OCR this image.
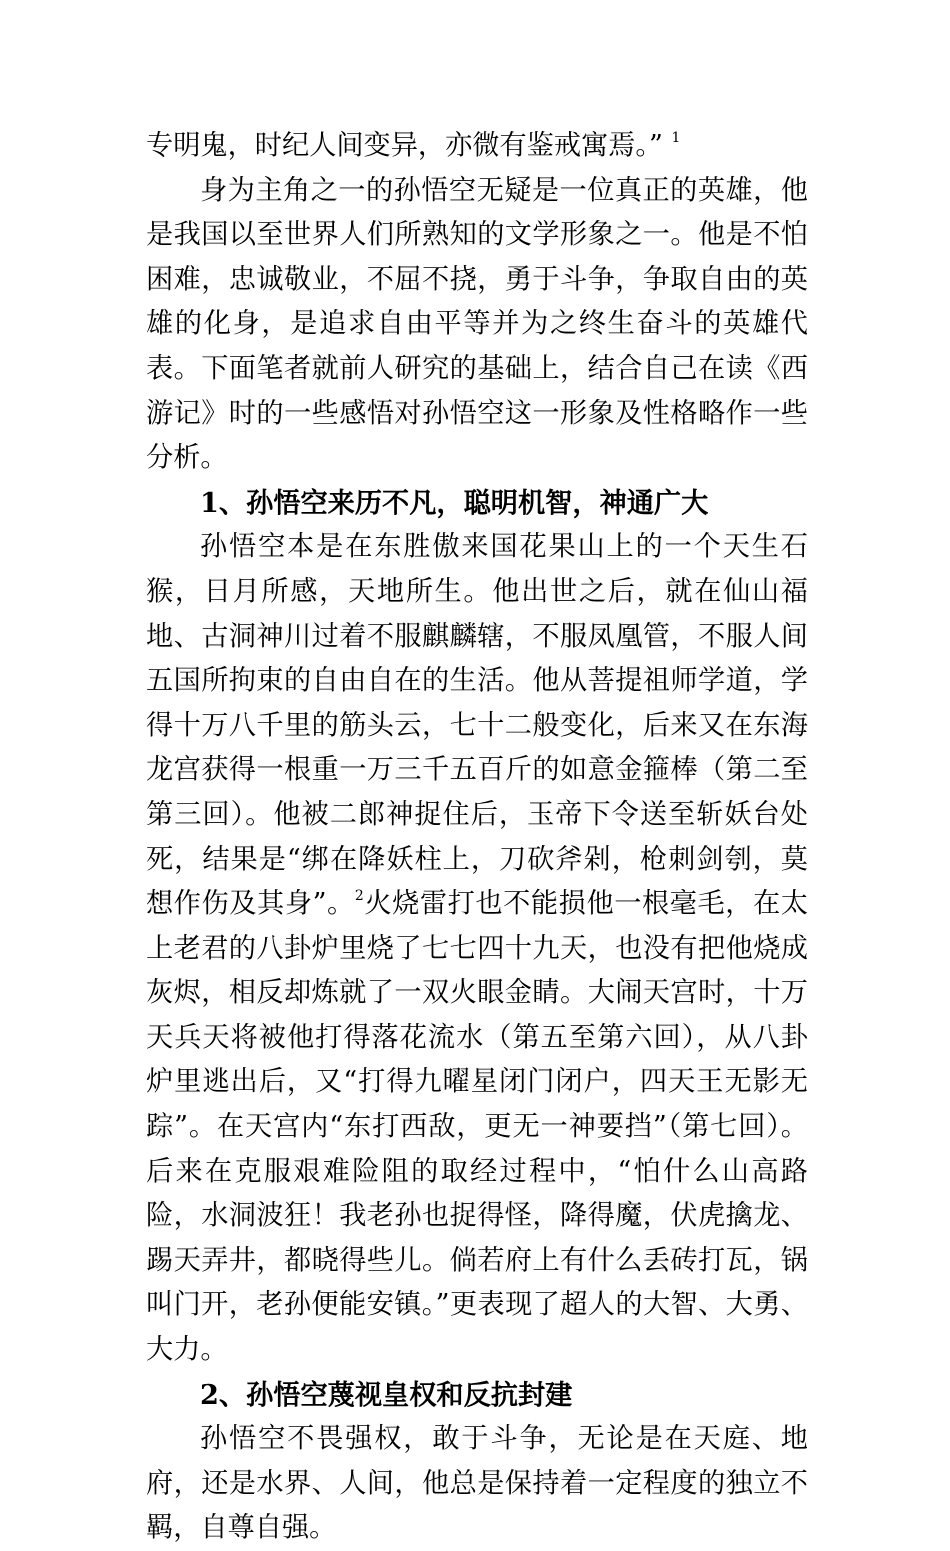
专明鬼，时纪人间变异，亦微有鉴戒寓焉。” $^1$

身为主角之一的孙悟空无疑是一位真正的英雄，他是我国以至世界人们所熟知的文学形象之一。他是不怕困难，忠诚敬业，不屈不挠，勇于斗争，争取自由的英雄的化身，是追求自由平等并为之终生奋斗的英雄代表。下面笔者就前人研究的基础上，结合自己在读《西游记》时的一些感悟对孙悟空这一形象及性格略作一些分析。

1、孙悟空来历不凡，聪明机智，神通广大

孙悟空本是在东胜傲来国花果山上的一个天生石猴，日月所感，天地所生。他出世之后，就在仙山福地、古洞神川过着不服麒麟辖，不服凤凰管，不服人间五国所拘束的自由自在的生活。他从菩提祖师学道，学得十万八千里的筋头云，七十二般变化，后来又在东海龙宫获得一根重一万三千五百斤的如意金箍棒（第二至第三回）。他被二郎神捉住后，玉帝下令送至斩妖台处死，结果是“绑在降妖柱上，刀砍斧剁，枪刺剑刳，莫想作伤及其身”。$^2$火烧雷打也不能损他一根毫毛，在太上老君的八卦炉里烧了七七四十九天，也没有把他烧成灰烬，相反却炼就了一双火眼金睛。大闹天宫时，十万天兵天将被他打得落花流水（第五至第六回），从八卦炉里逃出后，又“打得九曜星闭门闭户，四天王无影无踪”。在天宫内“东打西敌，更无一神要挡”（第七回）。后来在克服艰难险阻的取经过程中，“怕什么山高路险，水洞波狂！我老孙也捉得怪，降得魔，伏虎擒龙、踢天弄井，都晓得些儿。倘若府上有什么丢砖打瓦，锅叫门开，老孙便能安镇。”更表现了超人的大智、大勇、大力。

2、孙悟空蔑视皇权和反抗封建

孙悟空不畏强权，敢于斗争，无论是在天庭、地府，还是水界、人间，他总是保持着一定程度的独立不羁，自尊自强。
